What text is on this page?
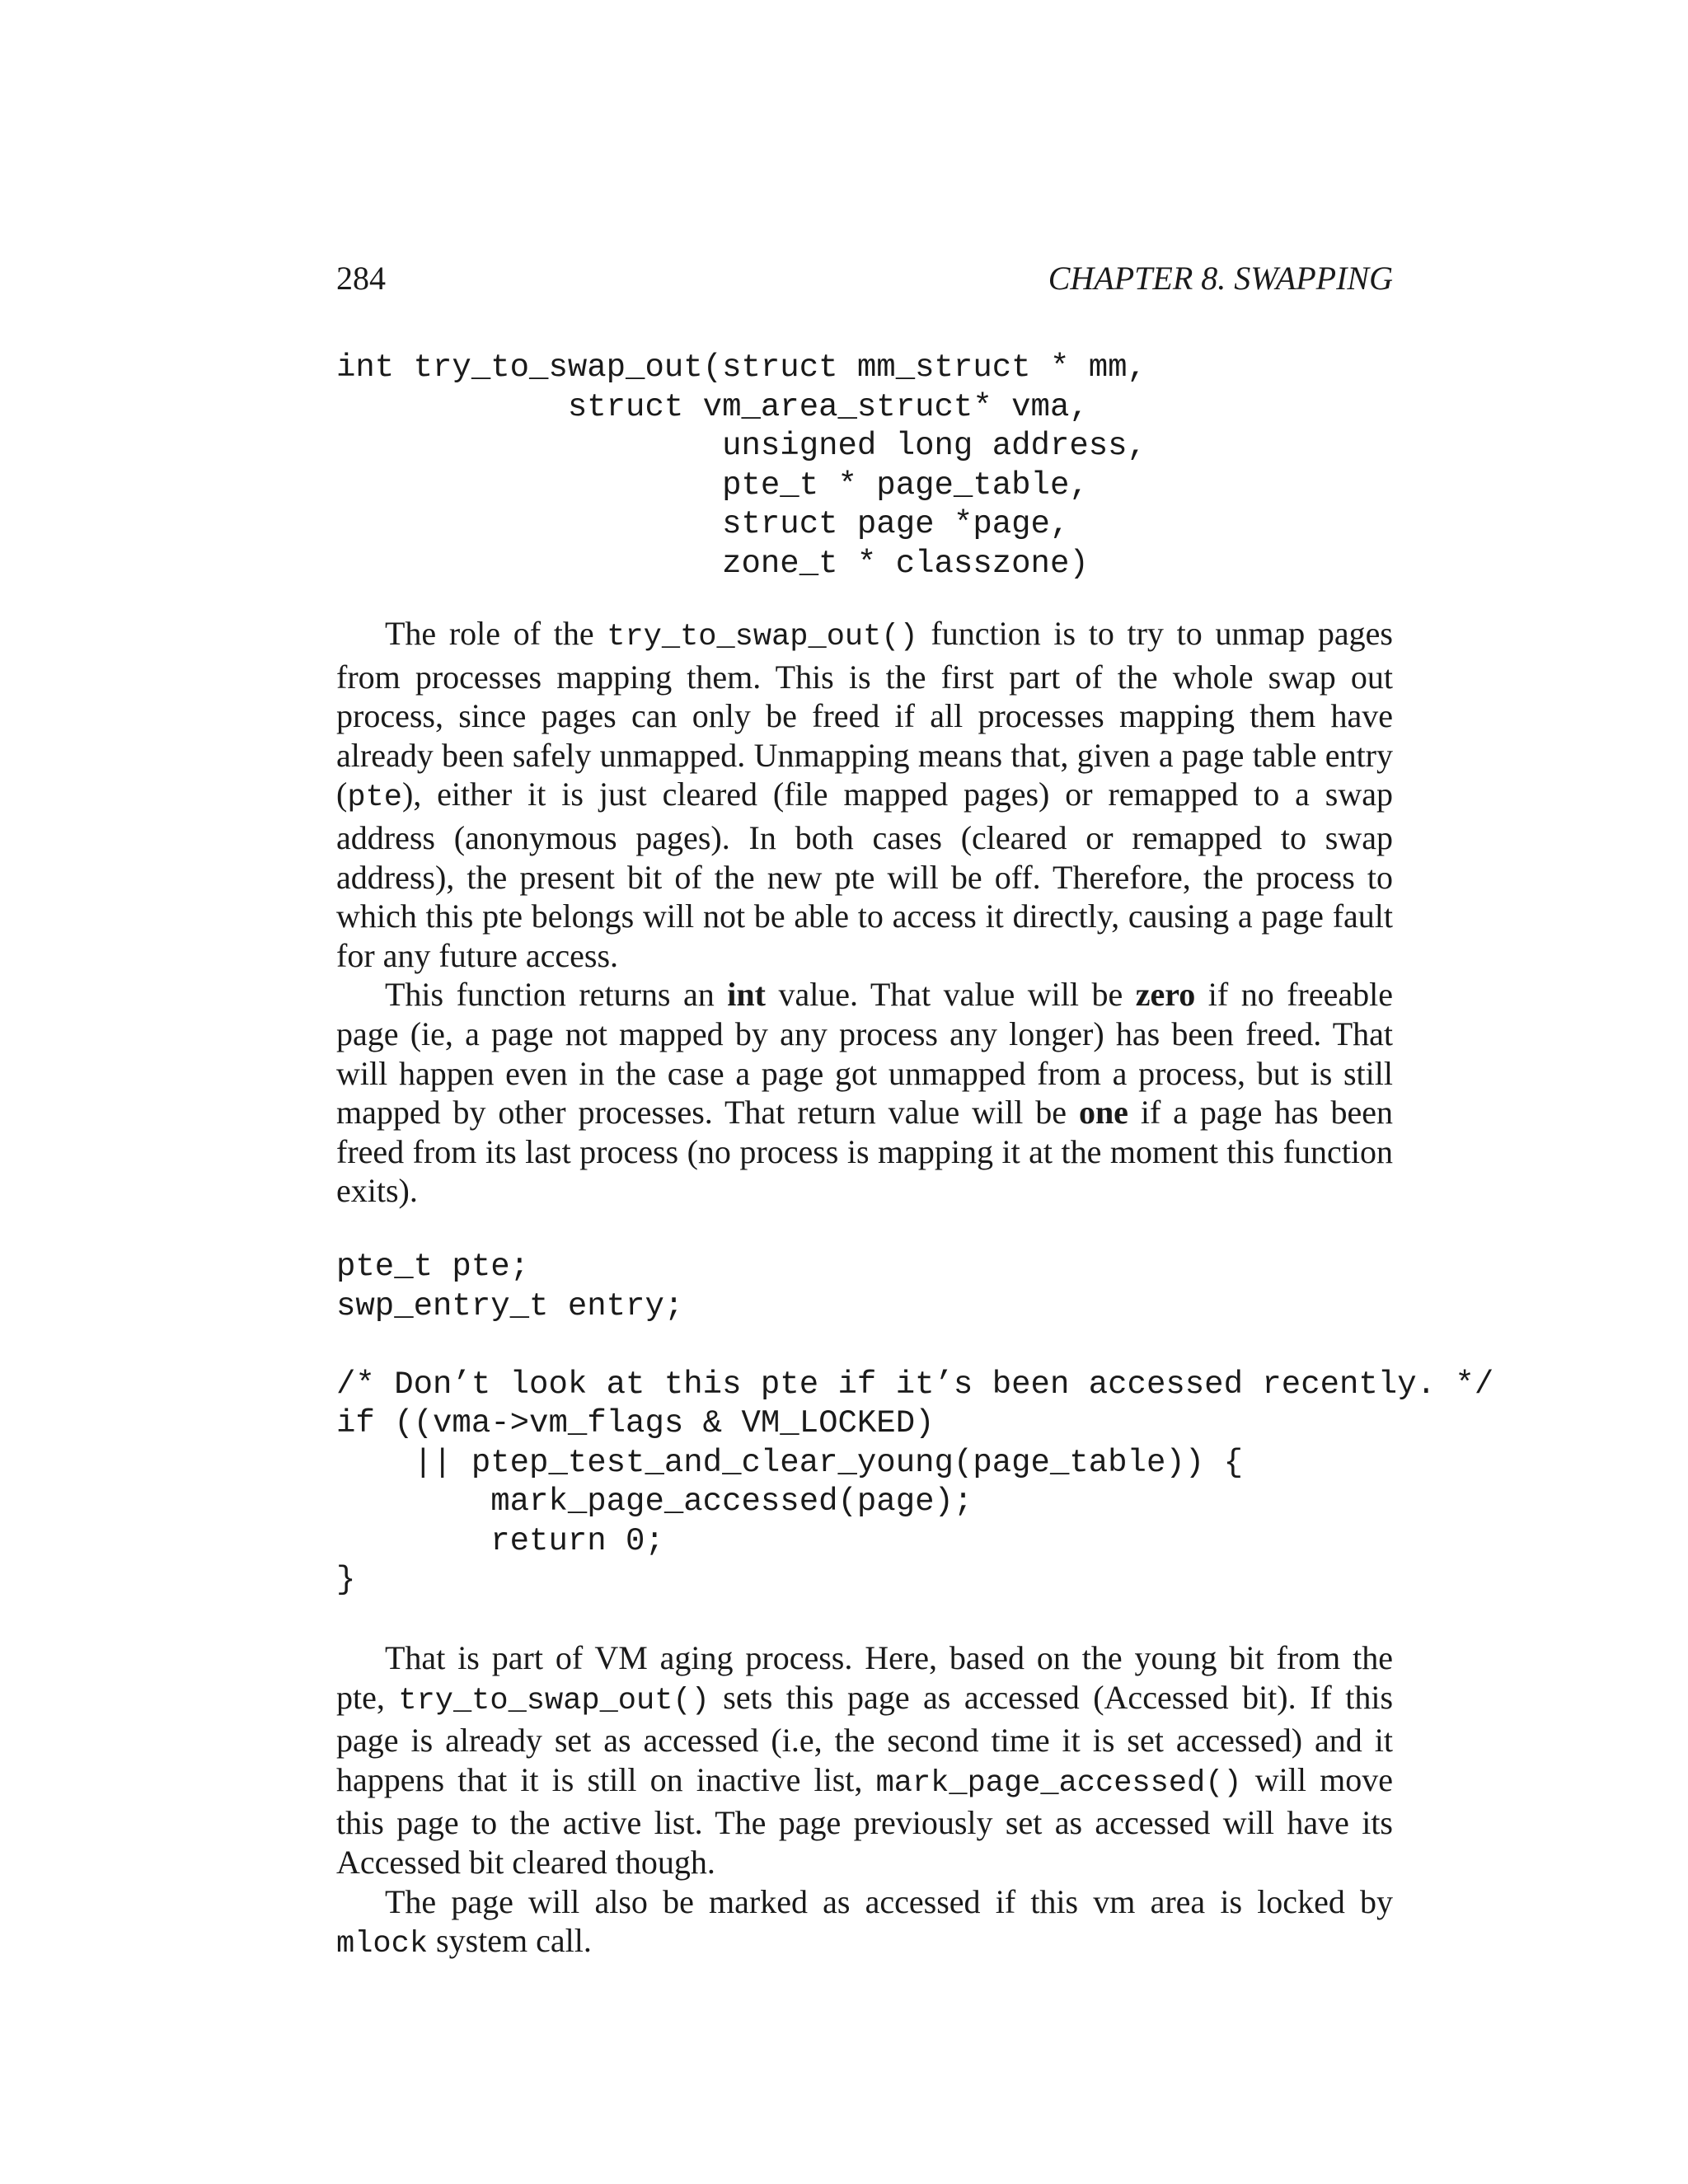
284	CHAPTER 8. SWAPPING
int try_to_swap_out(struct mm_struct * mm,
struct vm_area_struct* vma,
unsigned long address,
pte_t * page_table,
struct page *page,
zone_t * classzone)

The role of the try_to_swap_out() function is to try to unmap pages from processes mapping them. This is the first part of the whole swap out process, since pages can only be freed if all processes mapping them have already been safely unmapped. Unmapping means that, given a page table entry (pte), either it is just cleared (file mapped pages) or remapped to a swap address (anonymous pages). In both cases (cleared or remapped to swap address), the present bit of the new pte will be off. Therefore, the process to which this pte belongs will not be able to access it directly, causing a page fault for any future access.

This function returns an int value. That value will be zero if no freeable page (ie, a page not mapped by any process any longer) has been freed. That will happen even in the case a page got unmapped from a process, but is still mapped by other processes. That return value will be one if a page has been freed from its last process (no process is mapping it at the moment this function exits).

pte_t pte;
swp_entry_t entry;
/* Don’t look at this pte if it’s been accessed recently. */
if ((vma->vm_flags & VM_LOCKED)
|| ptep_test_and_clear_young(page_table)) {
mark_page_accessed(page);
return 0;
}

That is part of VM aging process. Here, based on the young bit from the pte, try_to_swap_out() sets this page as accessed (Accessed bit). If this page is already set as accessed (i.e, the second time it is set accessed) and it happens that it is still on inactive list, mark_page_accessed() will move this page to the active list. The page previously set as accessed will have its Accessed bit cleared though.

The page will also be marked as accessed if this vm area is locked by mlock system call.
